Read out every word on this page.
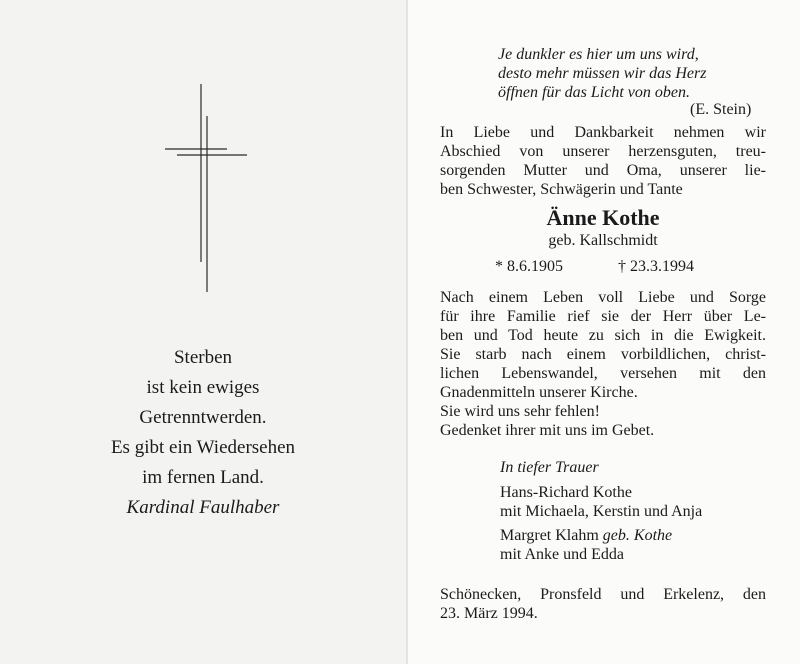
Sterben
ist kein ewiges
Getrenntwerden.
Es gibt ein Wiedersehen
im fernen Land.
Kardinal Faulhaber
Je dunkler es hier um uns wird,
desto mehr müssen wir das Herz
öffnen für das Licht von oben.
(E. Stein)
In Liebe und Dankbarkeit nehmen wir
Abschied von unserer herzensguten, treu-
sorgenden Mutter und Oma, unserer lie-
ben Schwester, Schwägerin und Tante
Änne Kothe
geb. Kallschmidt
* 8.6.1905	† 23.3.1994
Nach einem Leben voll Liebe und Sorge
für ihre Familie rief sie der Herr über Le-
ben und Tod heute zu sich in die Ewigkeit.
Sie starb nach einem vorbildlichen, christ-
lichen Lebenswandel, versehen mit den
Gnadenmitteln unserer Kirche.
Sie wird uns sehr fehlen!
Gedenket ihrer mit uns im Gebet.
In tiefer Trauer
Hans-Richard Kothe
mit Michaela, Kerstin und Anja
Margret Klahm geb. Kothe
mit Anke und Edda
Schönecken, Pronsfeld und Erkelenz, den
23. März 1994.
